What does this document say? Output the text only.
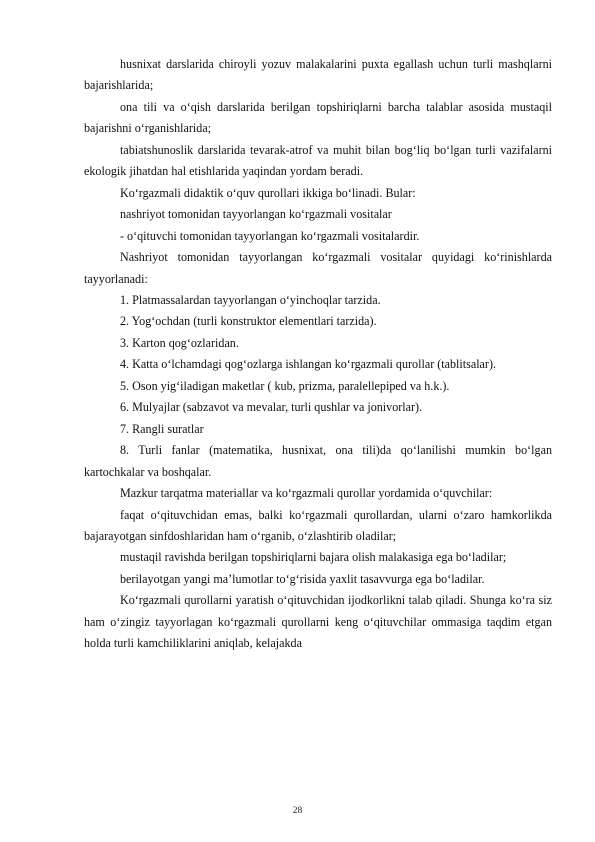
husnixat darslarida chiroyli yozuv malakalarini puxta egallash uchun turli mashqlarni bajarishlarida;

ona tili va o‘qish darslarida berilgan topshiriqlarni barcha talablar asosida mustaqil bajarishni o‘rganishlarida;

tabiatshunoslik darslarida tevarak-atrof va muhit bilan bog‘liq bo‘lgan turli vazifalarni ekologik jihatdan hal etishlarida yaqindan yordam beradi.

Ko‘rgazmali didaktik o‘quv qurollari ikkiga bo‘linadi. Bular:

nashriyot tomonidan tayyorlangan ko‘rgazmali vositalar

- o‘qituvchi tomonidan tayyorlangan ko‘rgazmali vositalardir.

Nashriyot tomonidan tayyorlangan ko‘rgazmali vositalar quyidagi ko‘rinishlarda tayyorlanadi:

1. Platmassalardan tayyorlangan o‘yinchoqlar tarzida.

2. Yog‘ochdan (turli konstruktor elementlari tarzida).

3. Karton qog‘ozlaridan.

4. Katta o‘lchamdagi qog‘ozlarga ishlangan ko‘rgazmali qurollar (tablitsalar).

5. Oson yig‘iladigan maketlar ( kub, prizma, paralellepiped va h.k.).

6. Mulyajlar (sabzavot va mevalar, turli qushlar va jonivorlar).

7. Rangli suratlar

8. Turli fanlar (matematika, husnixat, ona tili)da qo‘lanilishi mumkin bo‘lgan kartochkalar va boshqalar.

Mazkur tarqatma materiallar va ko‘rgazmali qurollar yordamida o‘quvchilar:

faqat o‘qituvchidan emas, balki ko‘rgazmali qurollardan, ularni o‘zaro hamkorlikda bajarayotgan sinfdoshlaridan ham o‘rganib, o‘zlashtirib oladilar;

mustaqil ravishda berilgan topshiriqlarni bajara olish malakasiga ega bo‘ladilar;

berilayotgan yangi ma’lumotlar to‘g‘risida yaxlit tasavvurga ega bo‘ladilar.

Ko‘rgazmali qurollarni yaratish o‘qituvchidan ijodkorlikni talab qiladi. Shunga ko‘ra siz ham o‘zingiz tayyorlagan ko‘rgazmali qurollarni keng o‘qituvchilar ommasiga taqdim etgan holda turli kamchiliklarini aniqlab, kelajakda

28
